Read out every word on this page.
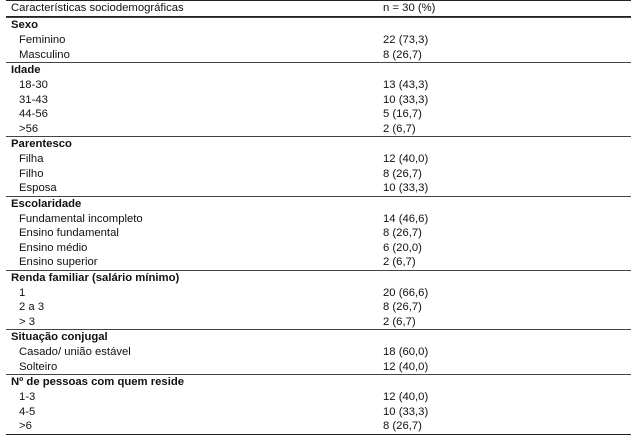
Características sociodemográficas	n = 30 (%)
Sexo
Feminino	22 (73,3)
Masculino	8 (26,7)
Idade
18-30	13 (43,3)
31-43	10 (33,3)
44-56	5 (16,7)
>56	2 (6,7)
Parentesco
Filha	12 (40,0)
Filho	8 (26,7)
Esposa	10 (33,3)
Escolaridade
Fundamental incompleto	14 (46,6)
Ensino fundamental	8 (26,7)
Ensino médio	6 (20,0)
Ensino superior	2 (6,7)
Renda familiar (salário mínimo)
1	20 (66,6)
2 a 3	8 (26,7)
> 3	2 (6,7)
Situação conjugal
Casado/ união estável	18 (60,0)
Solteiro	12 (40,0)
Nº de pessoas com quem reside
1-3	12 (40,0)
4-5	10 (33,3)
>6	8 (26,7)
